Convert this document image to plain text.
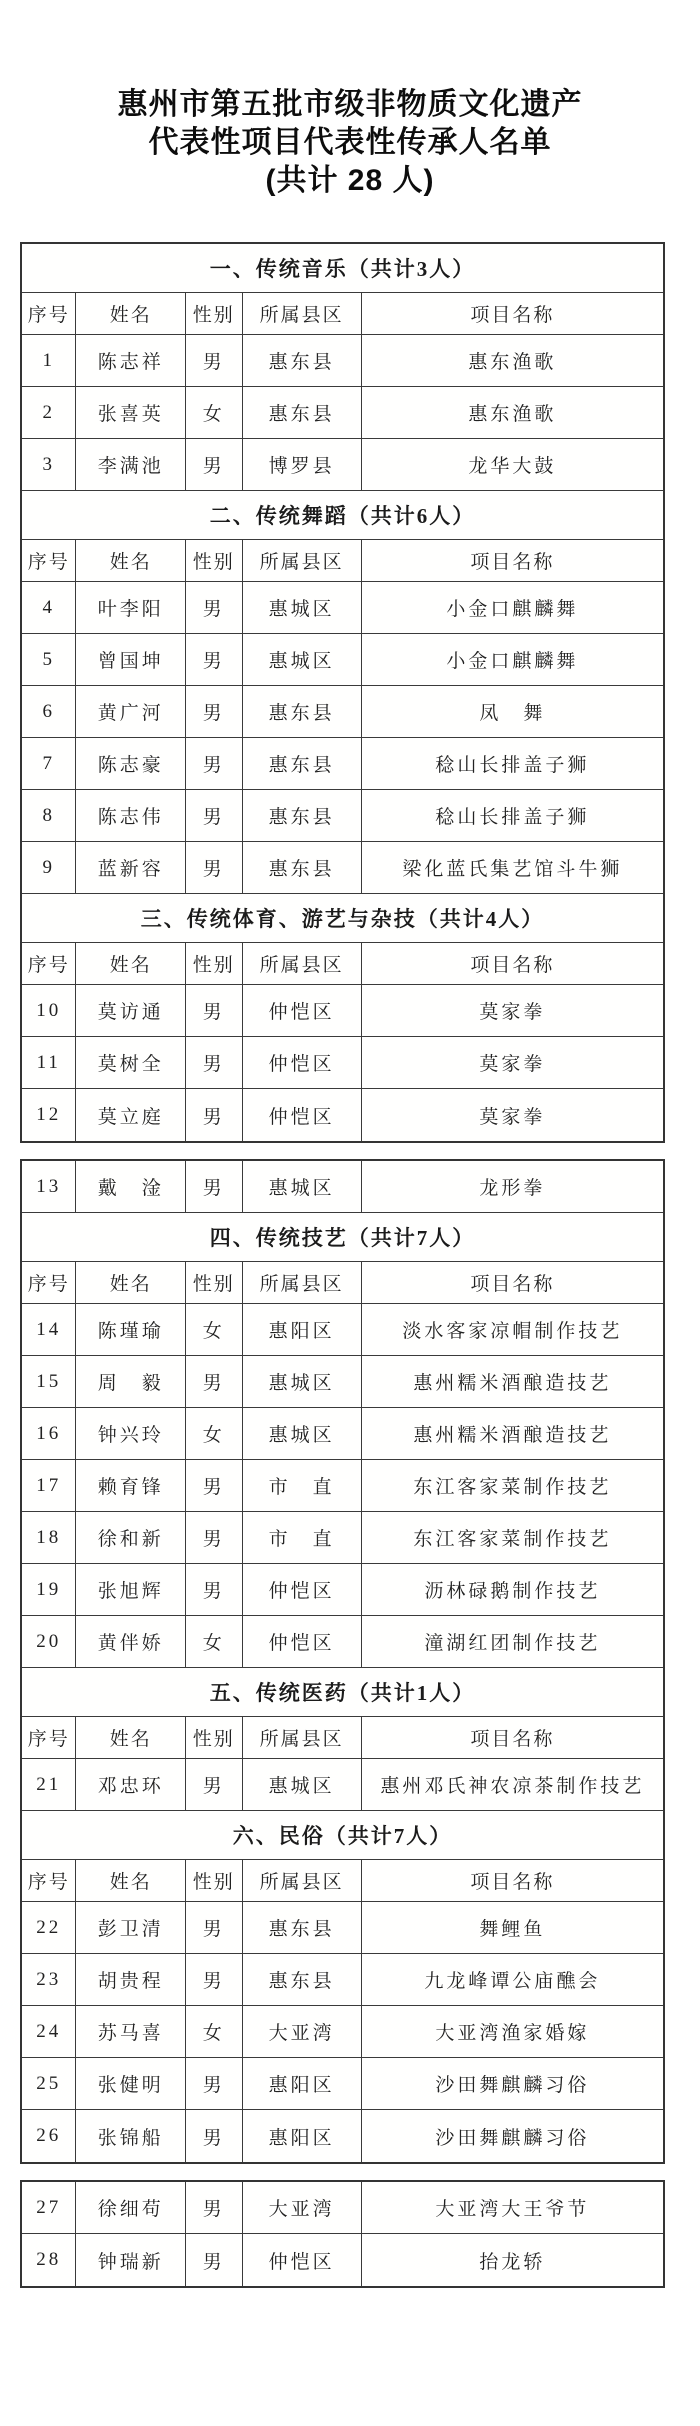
惠州市第五批市级非物质文化遗产
代表性项目代表性传承人名单
(共计 28 人)
一、传统音乐（共计3人）
序号	姓名	性别	所属县区	项目名称
1	陈志祥	男	惠东县	惠东渔歌
2	张喜英	女	惠东县	惠东渔歌
3	李满池	男	博罗县	龙华大鼓
二、传统舞蹈（共计6人）
序号	姓名	性别	所属县区	项目名称
4	叶李阳	男	惠城区	小金口麒麟舞
5	曾国坤	男	惠城区	小金口麒麟舞
6	黄广河	男	惠东县	凤　舞
7	陈志豪	男	惠东县	稔山长排盖子狮
8	陈志伟	男	惠东县	稔山长排盖子狮
9	蓝新容	男	惠东县	梁化蓝氏集艺馆斗牛狮
三、传统体育、游艺与杂技（共计4人）
序号	姓名	性别	所属县区	项目名称
10	莫访通	男	仲恺区	莫家拳
11	莫树全	男	仲恺区	莫家拳
12	莫立庭	男	仲恺区	莫家拳
13	戴　淦	男	惠城区	龙形拳
四、传统技艺（共计7人）
序号	姓名	性别	所属县区	项目名称
14	陈瑾瑜	女	惠阳区	淡水客家凉帽制作技艺
15	周　毅	男	惠城区	惠州糯米酒酿造技艺
16	钟兴玲	女	惠城区	惠州糯米酒酿造技艺
17	赖育锋	男	市　直	东江客家菜制作技艺
18	徐和新	男	市　直	东江客家菜制作技艺
19	张旭辉	男	仲恺区	沥林碌鹅制作技艺
20	黄伴娇	女	仲恺区	潼湖红团制作技艺
五、传统医药（共计1人）
序号	姓名	性别	所属县区	项目名称
21	邓忠环	男	惠城区	惠州邓氏神农凉茶制作技艺
六、民俗（共计7人）
序号	姓名	性别	所属县区	项目名称
22	彭卫清	男	惠东县	舞鲤鱼
23	胡贵程	男	惠东县	九龙峰谭公庙醮会
24	苏马喜	女	大亚湾	大亚湾渔家婚嫁
25	张健明	男	惠阳区	沙田舞麒麟习俗
26	张锦船	男	惠阳区	沙田舞麒麟习俗
27	徐细苟	男	大亚湾	大亚湾大王爷节
28	钟瑞新	男	仲恺区	抬龙轿
